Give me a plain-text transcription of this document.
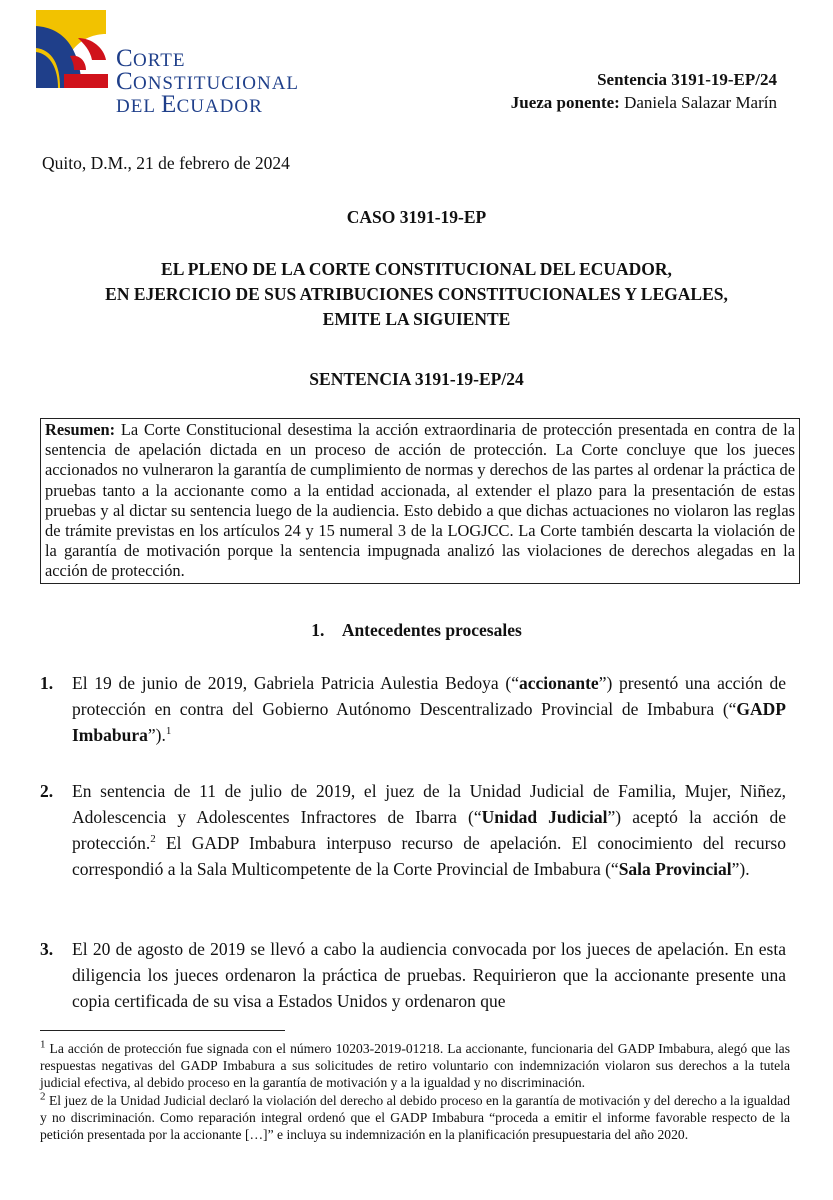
CORTE
CONSTITUCIONAL
DEL ECUADOR
Sentencia 3191-19-EP/24
Jueza ponente: Daniela Salazar Marín
Quito, D.M., 21 de febrero de 2024
CASO 3191-19-EP
EL PLENO DE LA CORTE CONSTITUCIONAL DEL ECUADOR,
EN EJERCICIO DE SUS ATRIBUCIONES CONSTITUCIONALES Y LEGALES,
EMITE LA SIGUIENTE
SENTENCIA 3191-19-EP/24
Resumen: La Corte Constitucional desestima la acción extraordinaria de protección presentada en contra de la sentencia de apelación dictada en un proceso de acción de protección. La Corte concluye que los jueces accionados no vulneraron la garantía de cumplimiento de normas y derechos de las partes al ordenar la práctica de pruebas tanto a la accionante como a la entidad accionada, al extender el plazo para la presentación de estas pruebas y al dictar su sentencia luego de la audiencia. Esto debido a que dichas actuaciones no violaron las reglas de trámite previstas en los artículos 24 y 15 numeral 3 de la LOGJCC. La Corte también descarta la violación de la garantía de motivación porque la sentencia impugnada analizó las violaciones de derechos alegadas en la acción de protección.
1. Antecedentes procesales
1. El 19 de junio de 2019, Gabriela Patricia Aulestia Bedoya (“accionante”) presentó una acción de protección en contra del Gobierno Autónomo Descentralizado Provincial de Imbabura (“GADP Imbabura”).$^1$
2. En sentencia de 11 de julio de 2019, el juez de la Unidad Judicial de Familia, Mujer, Niñez, Adolescencia y Adolescentes Infractores de Ibarra (“Unidad Judicial”) aceptó la acción de protección.$^2$ El GADP Imbabura interpuso recurso de apelación. El conocimiento del recurso correspondió a la Sala Multicompetente de la Corte Provincial de Imbabura (“Sala Provincial”).
3. El 20 de agosto de 2019 se llevó a cabo la audiencia convocada por los jueces de apelación. En esta diligencia los jueces ordenaron la práctica de pruebas. Requirieron que la accionante presente una copia certificada de su visa a Estados Unidos y ordenaron que
$^1$ La acción de protección fue signada con el número 10203-2019-01218. La accionante, funcionaria del GADP Imbabura, alegó que las respuestas negativas del GADP Imbabura a sus solicitudes de retiro voluntario con indemnización violaron sus derechos a la tutela judicial efectiva, al debido proceso en la garantía de motivación y a la igualdad y no discriminación.
$^2$ El juez de la Unidad Judicial declaró la violación del derecho al debido proceso en la garantía de motivación y del derecho a la igualdad y no discriminación. Como reparación integral ordenó que el GADP Imbabura “proceda a emitir el informe favorable respecto de la petición presentada por la accionante […]” e incluya su indemnización en la planificación presupuestaria del año 2020.
